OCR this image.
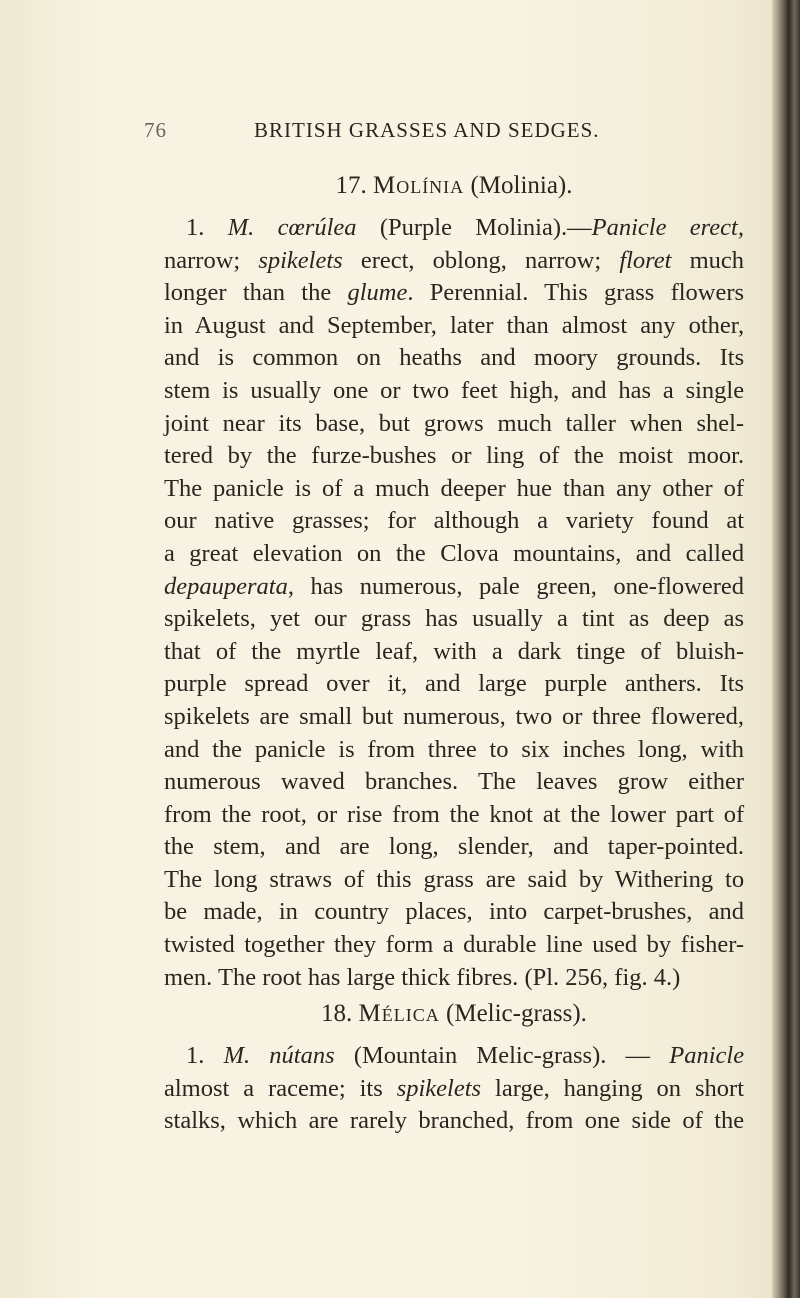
76	BRITISH GRASSES AND SEDGES.
17. Molínia (Molinia).
1. M. cœrúlea (Purple Molinia).—Panicle erect,
narrow; spikelets erect, oblong, narrow; floret much
longer than the glume. Perennial. This grass flowers
in August and September, later than almost any other,
and is common on heaths and moory grounds. Its
stem is usually one or two feet high, and has a single
joint near its base, but grows much taller when shel-
tered by the furze-bushes or ling of the moist moor.
The panicle is of a much deeper hue than any other of
our native grasses; for although a variety found at
a great elevation on the Clova mountains, and called
depauperata, has numerous, pale green, one-flowered
spikelets, yet our grass has usually a tint as deep as
that of the myrtle leaf, with a dark tinge of bluish-
purple spread over it, and large purple anthers. Its
spikelets are small but numerous, two or three flowered,
and the panicle is from three to six inches long, with
numerous waved branches. The leaves grow either
from the root, or rise from the knot at the lower part of
the stem, and are long, slender, and taper-pointed.
The long straws of this grass are said by Withering to
be made, in country places, into carpet-brushes, and
twisted together they form a durable line used by fisher-
men. The root has large thick fibres. (Pl. 256, fig. 4.)
18. Mélica (Melic-grass).
1. M. nútans (Mountain Melic-grass). — Panicle
almost a raceme; its spikelets large, hanging on short
stalks, which are rarely branched, from one side of the
